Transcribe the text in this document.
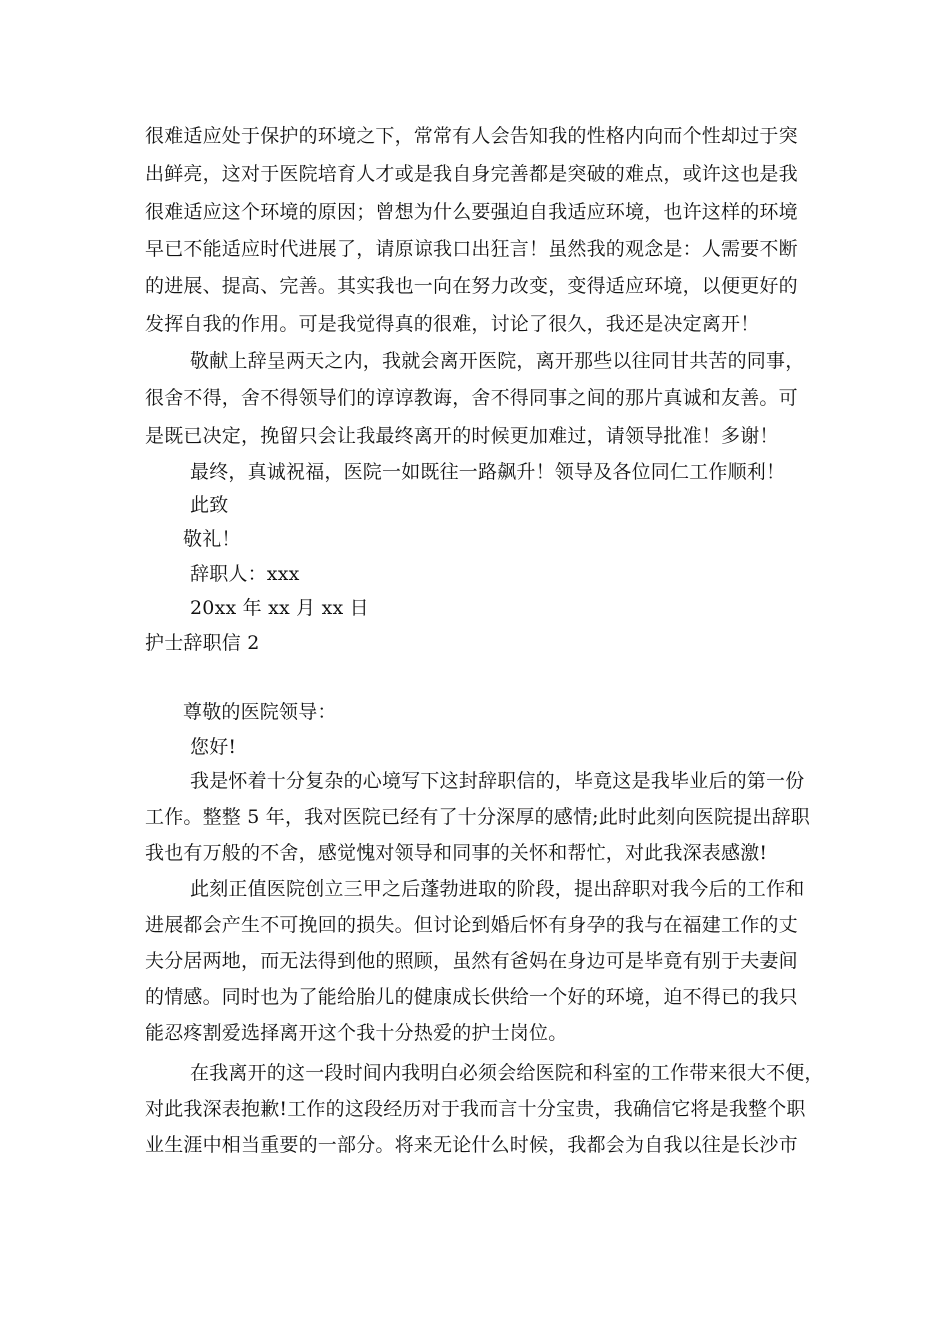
很难适应处于保护的环境之下，常常有人会告知我的性格内向而个性却过于突
出鲜亮，这对于医院培育人才或是我自身完善都是突破的难点，或许这也是我
很难适应这个环境的原因；曾想为什么要强迫自我适应环境，也许这样的环境
早已不能适应时代进展了，请原谅我口出狂言！虽然我的观念是：人需要不断
的进展、提高、完善。其实我也一向在努力改变，变得适应环境，以便更好的
发挥自我的作用。可是我觉得真的很难，讨论了很久，我还是决定离开！
敬献上辞呈两天之内，我就会离开医院，离开那些以往同甘共苦的同事，
很舍不得，舍不得领导们的谆谆教诲，舍不得同事之间的那片真诚和友善。可
是既已决定，挽留只会让我最终离开的时候更加难过，请领导批准！多谢！
最终，真诚祝福，医院一如既往一路飙升！领导及各位同仁工作顺利！
此致
敬礼！
辞职人：xxx
20xx 年 xx 月 xx 日
护士辞职信 2
尊敬的医院领导：
您好!
我是怀着十分复杂的心境写下这封辞职信的，毕竟这是我毕业后的第一份
工作。整整 5 年，我对医院已经有了十分深厚的感情;此时此刻向医院提出辞职
我也有万般的不舍，感觉愧对领导和同事的关怀和帮忙，对此我深表感激!
此刻正值医院创立三甲之后蓬勃进取的阶段，提出辞职对我今后的工作和
进展都会产生不可挽回的损失。但讨论到婚后怀有身孕的我与在福建工作的丈
夫分居两地，而无法得到他的照顾，虽然有爸妈在身边可是毕竟有别于夫妻间
的情感。同时也为了能给胎儿的健康成长供给一个好的环境，迫不得已的我只
能忍疼割爱选择离开这个我十分热爱的护士岗位。
在我离开的这一段时间内我明白必须会给医院和科室的工作带来很大不便，
对此我深表抱歉!工作的这段经历对于我而言十分宝贵，我确信它将是我整个职
业生涯中相当重要的一部分。将来无论什么时候，我都会为自我以往是长沙市
